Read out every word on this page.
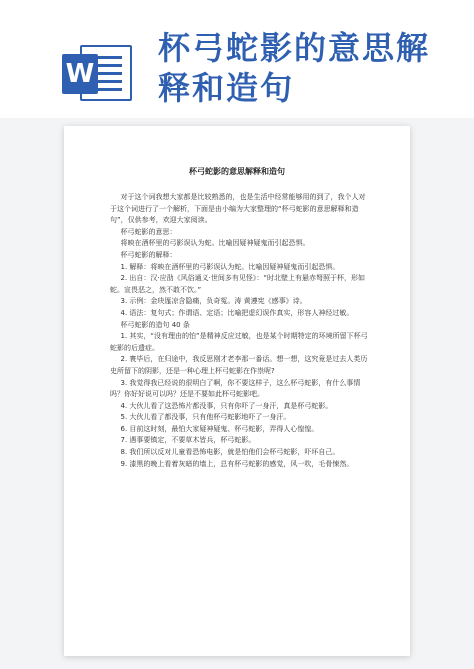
W
杯弓蛇影的意思解释和造句
杯弓蛇影的意思解释和造句

对于这个词我想大家都是比较熟悉的，也是生活中经常能够用的到了，我个人对于这个词进行了一个解析，下面是由小编为大家整理的“杯弓蛇影的意思解释和造句”，仅供参考，欢迎大家阅读。

杯弓蛇影的意思：

将映在酒杯里的弓影误认为蛇。比喻因疑神疑鬼而引起恐惧。

杯弓蛇影的解释：

1. 解释：将映在酒杯里的弓影误认为蛇。比喻因疑神疑鬼而引起恐惧。

2. 出自：汉·应劭《风俗通义·世间多有见怪》：“时北壁上有悬赤弩照于杯，形如蛇。宣畏恶之，然不敢不饮。”

3. 示例：金玦厖凉含隐痛，负奇冤。涛 黄遵宪《感事》诗。

4. 语法：复句式；作谓语、定语；比喻把虚幻误作真实，形容人神经过敏。

杯弓蛇影的造句 40 条

1. 其实，“没有理由的怕”是精神反应过敏，也是某个时期特定的环境所留下杯弓蛇影的后遗症。

2. 寰毕后，在归途中，我反思刚才老李那一番话。想一想，这究竟是过去人类历史所留下的阴影，还是一种心理上杯弓蛇影在作祟呢?

3. 我觉得我已经说的很明白了啊，你不要这样子，这么杯弓蛇影，有什么事情吗？你好好说可以吗？还是不要如此杯弓蛇影吧。

4. 大伙儿看了这恐怖片都没事，只有你吓了一身汗，真是杯弓蛇影。

5. 大伙儿看了都没事，只有他杯弓蛇影地吓了一身汗。

6. 目前这时刻，最怕大家疑神疑鬼、杯弓蛇影，弄得人心惶惶。

7. 遇事要镇定，不要草木皆兵，杯弓蛇影。

8. 我们所以反对儿童看恐怖电影，就是怕他们会杯弓蛇影，吓坏自己。

9. 漆黑的晚上看着灰暗的墙上，总有杯弓蛇影的感觉，风一吹，毛骨悚然。
